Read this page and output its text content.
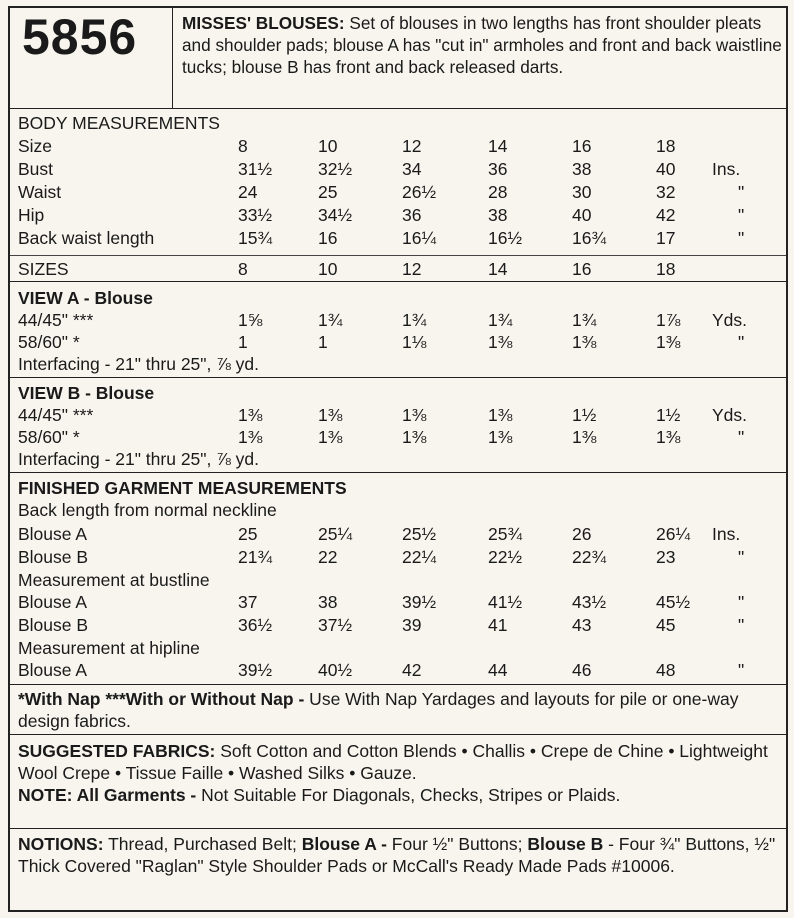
5856	MISSES' BLOUSES: Set of blouses in two lengths has front shoulder pleats and shoulder pads; blouse A has "cut in" armholes and front and back waistline tucks; blouse B has front and back released darts.
BODY MEASUREMENTS
Size	8	10	12	14	16	18
Bust	31½	32½	34	36	38	40	Ins.
Waist	24	25	26½	28	30	32	"
Hip	33½	34½	36	38	40	42	"
Back waist length	15¾	16	16¼	16½	16¾	17	"
SIZES	8	10	12	14	16	18
VIEW A - Blouse
44/45" ***	1⅝	1¾	1¾	1¾	1¾	1⅞	Yds.
58/60" *	1	1	1⅛	1⅜	1⅜	1⅜	"
Interfacing - 21" thru 25", ⅞ yd.
VIEW B - Blouse
44/45" ***	1⅜	1⅜	1⅜	1⅜	1½	1½	Yds.
58/60" *	1⅜	1⅜	1⅜	1⅜	1⅜	1⅜	"
Interfacing - 21" thru 25", ⅞ yd.
FINISHED GARMENT MEASUREMENTS
Back length from normal neckline
Blouse A	25	25¼	25½	25¾	26	26¼	Ins.
Blouse B	21¾	22	22¼	22½	22¾	23	"
Measurement at bustline
Blouse A	37	38	39½	41½	43½	45½	"
Blouse B	36½	37½	39	41	43	45	"
Measurement at hipline
Blouse A	39½	40½	42	44	46	48	"
*With Nap ***With or Without Nap - Use With Nap Yardages and layouts for pile or one-way design fabrics.
SUGGESTED FABRICS: Soft Cotton and Cotton Blends • Challis • Crepe de Chine • Lightweight Wool Crepe • Tissue Faille • Washed Silks • Gauze.
NOTE: All Garments - Not Suitable For Diagonals, Checks, Stripes or Plaids.
NOTIONS: Thread, Purchased Belt; Blouse A - Four ½" Buttons; Blouse B - Four ¾" Buttons, ½" Thick Covered "Raglan" Style Shoulder Pads or McCall's Ready Made Pads #10006.
